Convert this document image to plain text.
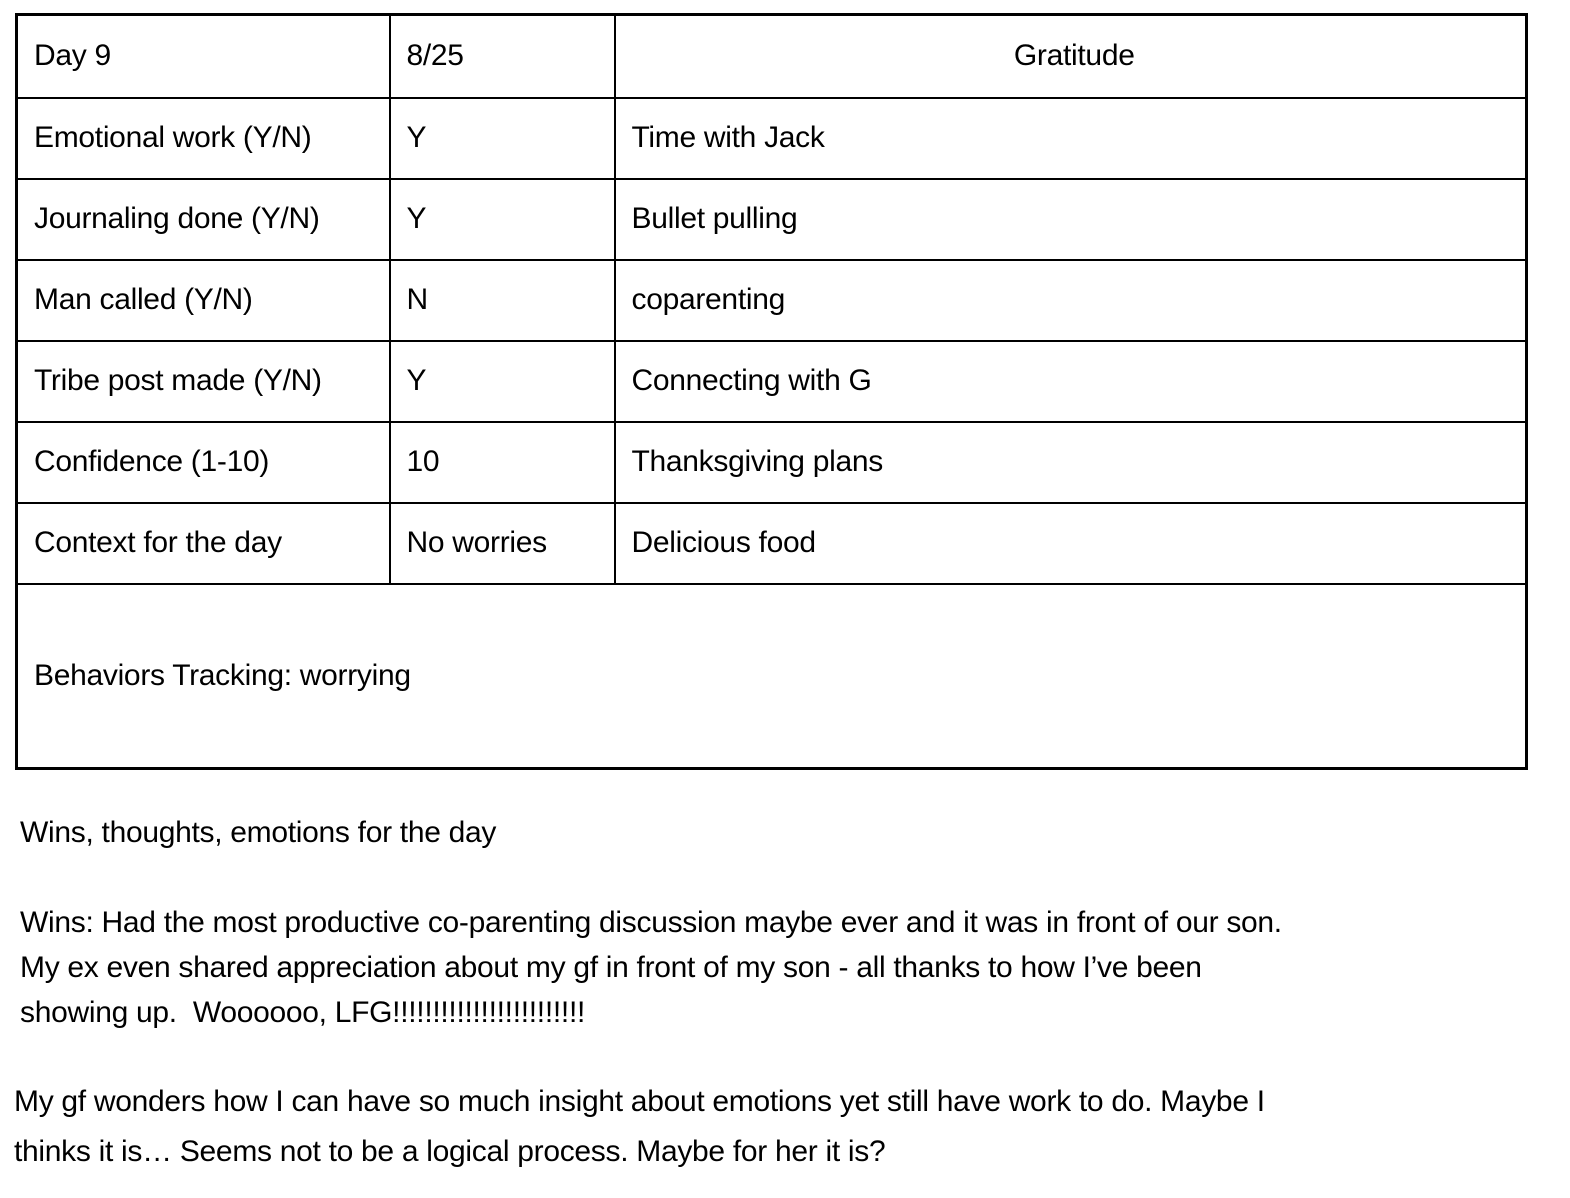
Day 9	8/25	Gratitude
Emotional work (Y/N)	Y	Time with Jack
Journaling done (Y/N)	Y	Bullet pulling
Man called (Y/N)	N	coparenting
Tribe post made (Y/N)	Y	Connecting with G
Confidence (1-10)	10	Thanksgiving plans
Context for the day	No worries	Delicious food
Behaviors Tracking: worrying		
Wins, thoughts, emotions for the day
Wins: Had the most productive co-parenting discussion maybe ever and it was in front of our son.
My ex even shared appreciation about my gf in front of my son - all thanks to how I’ve been
showing up.  Woooooo, LFG!!!!!!!!!!!!!!!!!!!!!!!!
My gf wonders how I can have so much insight about emotions yet still have work to do. Maybe I
thinks it is… Seems not to be a logical process. Maybe for her it is?
